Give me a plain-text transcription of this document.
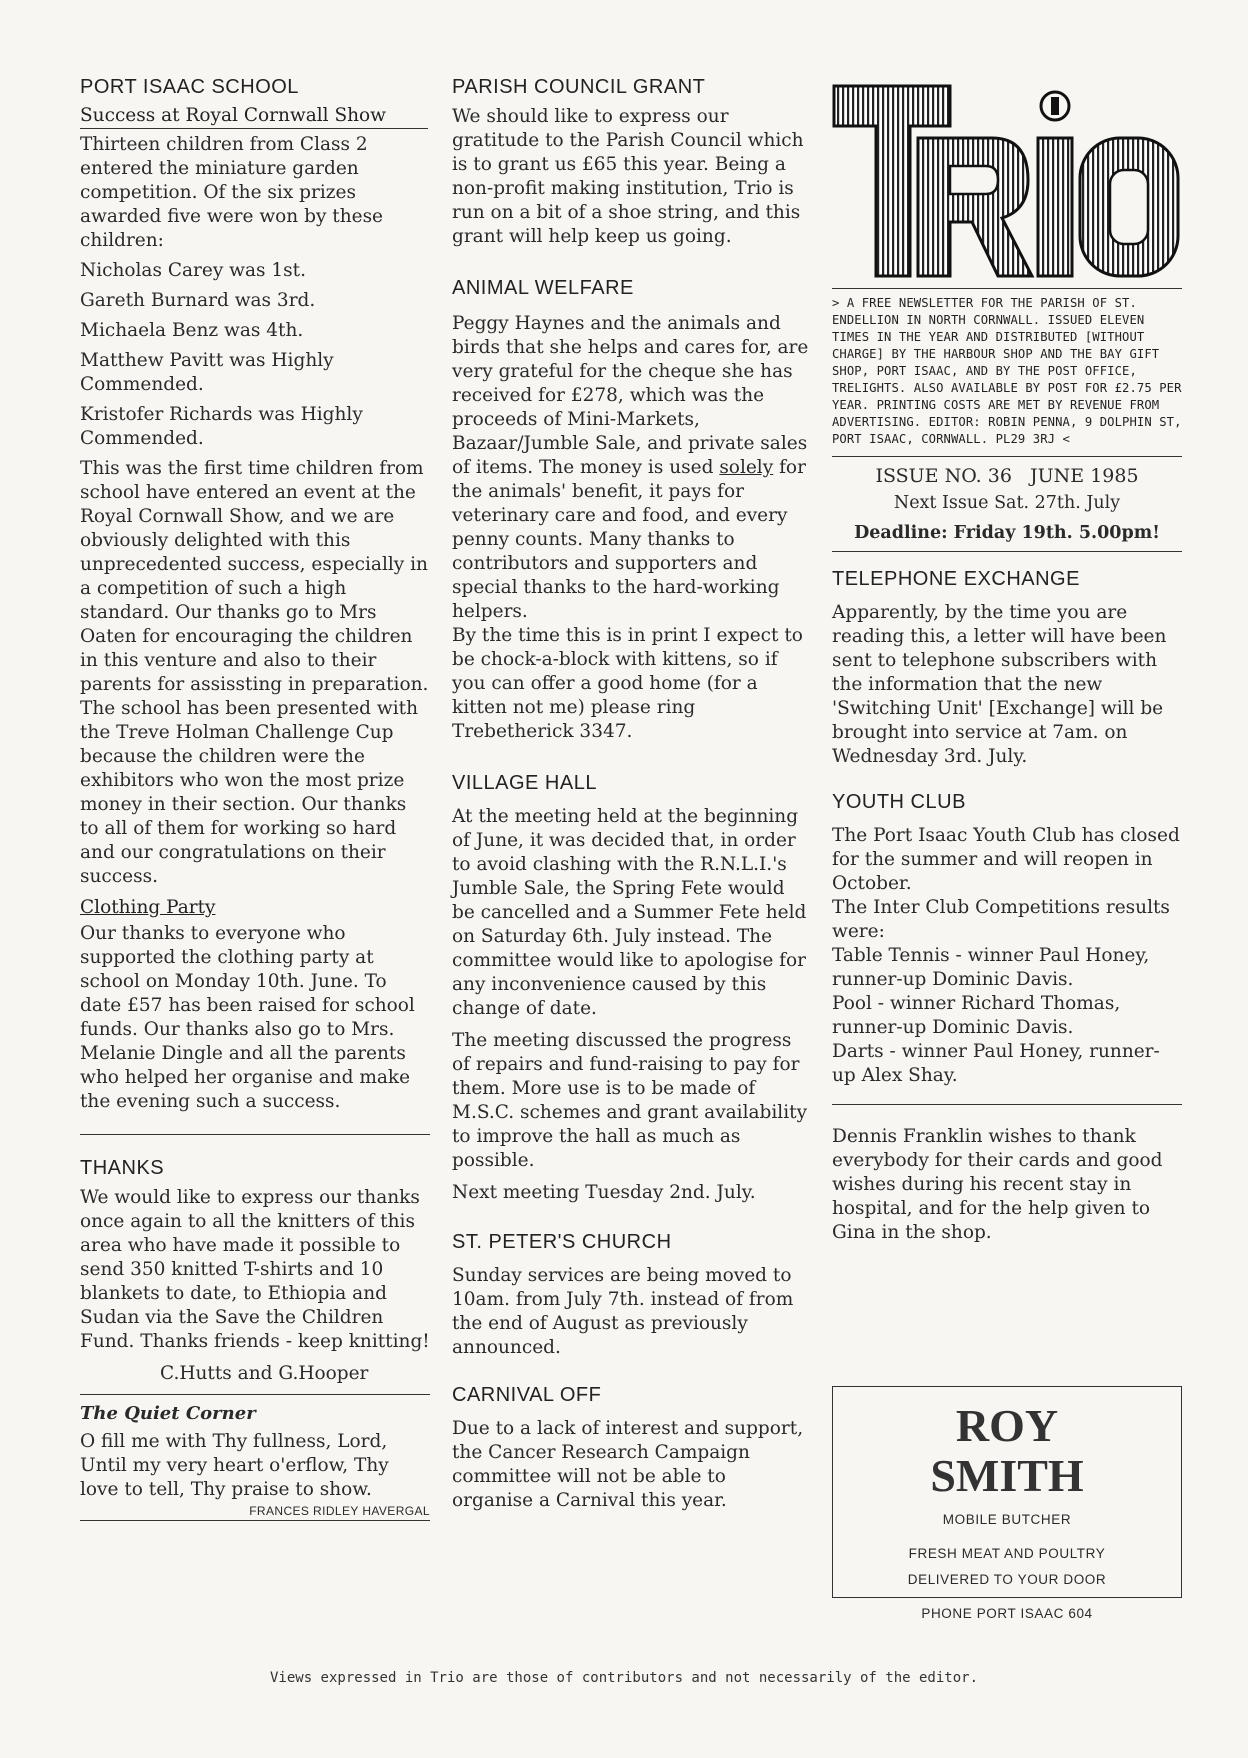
PORT ISAAC SCHOOL
Success at Royal Cornwall Show

Thirteen children from Class 2 entered the miniature garden competition. Of the six prizes awarded five were won by these children:

Nicholas Carey was 1st.

Gareth Burnard was 3rd.

Michaela Benz was 4th.

Matthew Pavitt was Highly Commended.

Kristofer Richards was Highly Commended.

This was the first time children from school have entered an event at the Royal Cornwall Show, and we are obviously delighted with this unprecedented success, especially in a competition of such a high standard. Our thanks go to Mrs Oaten for encouraging the children in this venture and also to their parents for assissting in preparation. The school has been presented with the Treve Holman Challenge Cup because the children were the exhibitors who won the most prize money in their section. Our thanks to all of them for working so hard and our congratulations on their success.

Clothing Party

Our thanks to everyone who supported the clothing party at school on Monday 10th. June. To date £57 has been raised for school funds. Our thanks also go to Mrs. Melanie Dingle and all the parents who helped her organise and make the evening such a success.

THANKS

We would like to express our thanks once again to all the knitters of this area who have made it possible to send 350 knitted T-shirts and 10 blankets to date, to Ethiopia and Sudan via the Save the Children Fund. Thanks friends - keep knitting!

C.Hutts and G.Hooper

The Quiet Corner

O fill me with Thy fullness, Lord, Until my very heart o'erflow, Thy love to tell, Thy praise to show.

FRANCES RIDLEY HAVERGAL
PARISH COUNCIL GRANT

We should like to express our gratitude to the Parish Council which is to grant us £65 this year. Being a non-profit making institution, Trio is run on a bit of a shoe string, and this grant will help keep us going.

ANIMAL WELFARE

Peggy Haynes and the animals and birds that she helps and cares for, are very grateful for the cheque she has received for £278, which was the proceeds of Mini-Markets, Bazaar/Jumble Sale, and private sales of items. The money is used solely for the animals' benefit, it pays for veterinary care and food, and every penny counts. Many thanks to contributors and supporters and special thanks to the hard-working helpers.

By the time this is in print I expect to be chock-a-block with kittens, so if you can offer a good home (for a kitten not me) please ring Trebetherick 3347.

VILLAGE HALL

At the meeting held at the beginning of June, it was decided that, in order to avoid clashing with the R.N.L.I.'s Jumble Sale, the Spring Fete would be cancelled and a Summer Fete held on Saturday 6th. July instead. The committee would like to apologise for any inconvenience caused by this change of date.

The meeting discussed the progress of repairs and fund-raising to pay for them. More use is to be made of M.S.C. schemes and grant availability to improve the hall as much as possible.

Next meeting Tuesday 2nd. July.

ST. PETER'S CHURCH

Sunday services are being moved to 10am. from July 7th. instead of from the end of August as previously announced.

CARNIVAL OFF

Due to a lack of interest and support, the Cancer Research Campaign committee will not be able to organise a Carnival this year.

> A FREE NEWSLETTER FOR THE PARISH OF ST. ENDELLION IN NORTH CORNWALL. ISSUED ELEVEN TIMES IN THE YEAR AND DISTRIBUTED [WITHOUT CHARGE] BY THE HARBOUR SHOP AND THE BAY GIFT SHOP, PORT ISAAC, AND BY THE POST OFFICE, TRELIGHTS. ALSO AVAILABLE BY POST FOR £2.75 PER YEAR. PRINTING COSTS ARE MET BY REVENUE FROM ADVERTISING. EDITOR: ROBIN PENNA, 9 DOLPHIN ST, PORT ISAAC, CORNWALL. PL29 3RJ <
ISSUE NO. 36   JUNE 1985
Next Issue Sat. 27th. July
Deadline: Friday 19th. 5.00pm!
TELEPHONE EXCHANGE

Apparently, by the time you are reading this, a letter will have been sent to telephone subscribers with the information that the new 'Switching Unit' [Exchange] will be brought into service at 7am. on Wednesday 3rd. July.

YOUTH CLUB

The Port Isaac Youth Club has closed for the summer and will reopen in October.

The Inter Club Competitions results were:

Table Tennis - winner Paul Honey, runner-up Dominic Davis.

Pool - winner Richard Thomas, runner-up Dominic Davis.

Darts - winner Paul Honey, runner-up Alex Shay.

Dennis Franklin wishes to thank everybody for their cards and good wishes during his recent stay in hospital, and for the help given to Gina in the shop.

ROY
SMITH
MOBILE BUTCHER
FRESH MEAT AND POULTRY
DELIVERED TO YOUR DOOR
PHONE PORT ISAAC 604
Views expressed in Trio are those of contributors and not necessarily of the editor.
